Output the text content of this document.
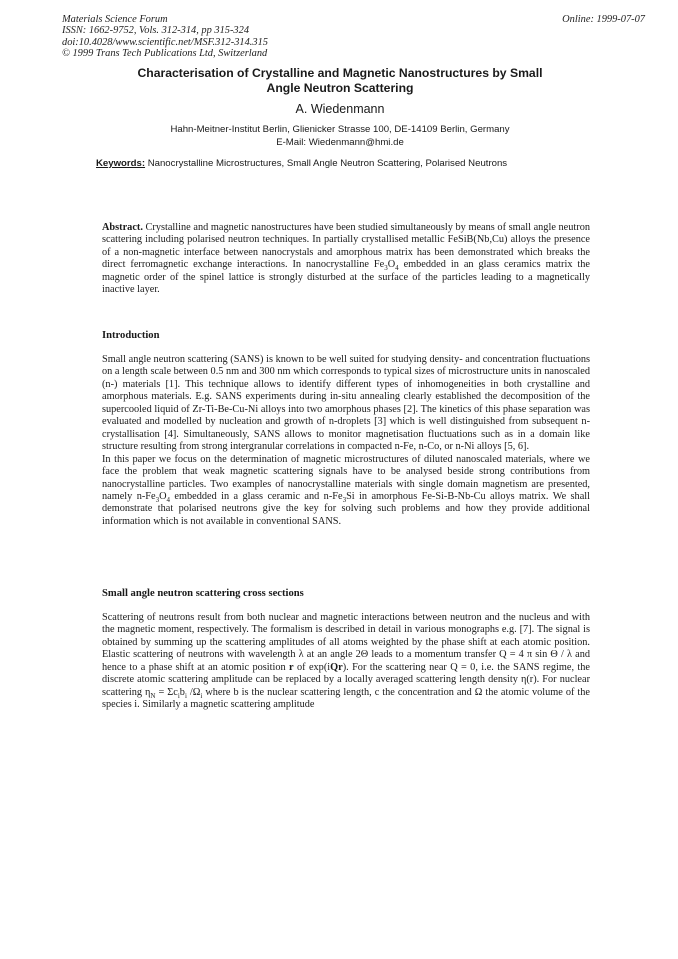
Materials Science Forum
ISSN: 1662-9752, Vols. 312-314, pp 315-324
doi:10.4028/www.scientific.net/MSF.312-314.315
© 1999 Trans Tech Publications Ltd, Switzerland
Online: 1999-07-07
Characterisation of Crystalline and Magnetic Nanostructures by Small
Angle Neutron Scattering
A. Wiedenmann
Hahn-Meitner-Institut Berlin, Glienicker Strasse 100, DE-14109 Berlin, Germany
E-Mail: Wiedenmann@hmi.de
Keywords: Nanocrystalline Microstructures, Small Angle Neutron Scattering, Polarised Neutrons

Abstract. Crystalline and magnetic nanostructures have been studied simultaneously by means of small angle neutron scattering including polarised neutron techniques. In partially crystallised metallic FeSiB(Nb,Cu) alloys the presence of a non-magnetic interface between nanocrystals and amorphous matrix has been demonstrated which breaks the direct ferromagnetic exchange interactions. In nanocrystalline $Fe_3O_4$ embedded in an glass ceramics matrix the magnetic order of the spinel lattice is strongly disturbed at the surface of the particles leading to a magnetically inactive layer.

Introduction

Small angle neutron scattering (SANS) is known to be well suited for studying density- and concentration fluctuations on a length scale between 0.5 nm and 300 nm which corresponds to typical sizes of microstructure units in nanoscaled (n-) materials [1]. This technique allows to identify different types of inhomogeneities in both crystalline and amorphous materials. E.g. SANS experiments during in-situ annealing clearly established the decomposition of the supercooled liquid of Zr-Ti-Be-Cu-Ni alloys into two amorphous phases [2]. The kinetics of this phase separation was evaluated and modelled by nucleation and growth of n-droplets [3] which is well distinguished from subsequent n-crystallisation [4]. Simultaneously, SANS allows to monitor magnetisation fluctuations such as in a domain like structure resulting from strong intergranular correlations in compacted n-Fe, n-Co, or n-Ni alloys [5, 6].

In this paper we focus on the determination of magnetic microstructures of diluted nanoscaled materials, where we face the problem that weak magnetic scattering signals have to be analysed beside strong contributions from nanocrystalline particles. Two examples of nanocrystalline materials with single domain magnetism are presented, namely $n-Fe_3O_4$ embedded in a glass ceramic and $n-Fe_3Si$ in amorphous Fe-Si-B-Nb-Cu alloys matrix. We shall demonstrate that polarised neutrons give the key for solving such problems and how they provide additional information which is not available in conventional SANS.

Small angle neutron scattering cross sections

Scattering of neutrons result from both nuclear and magnetic interactions between neutron and the nucleus and with the magnetic moment, respectively. The formalism is described in detail in various monographs e.g. [7]. The signal is obtained by summing up the scattering amplitudes of all atoms weighted by the phase shift at each atomic position. Elastic scattering of neutrons with wavelength λ at an angle 2Θ leads to a momentum transfer Q = 4 π sin Θ / λ and hence to a phase shift at an atomic position r of exp(iQr). For the scattering near Q = 0, i.e. the SANS regime, the discrete atomic scattering amplitude can be replaced by a locally averaged scattering length density η(r). For nuclear scattering $\eta_N = \Sigma c_ib_i$ $/\Omega_i$ where b is the nuclear scattering length, c the concentration and Ω the atomic volume of the species i. Similarly a magnetic scattering amplitude
